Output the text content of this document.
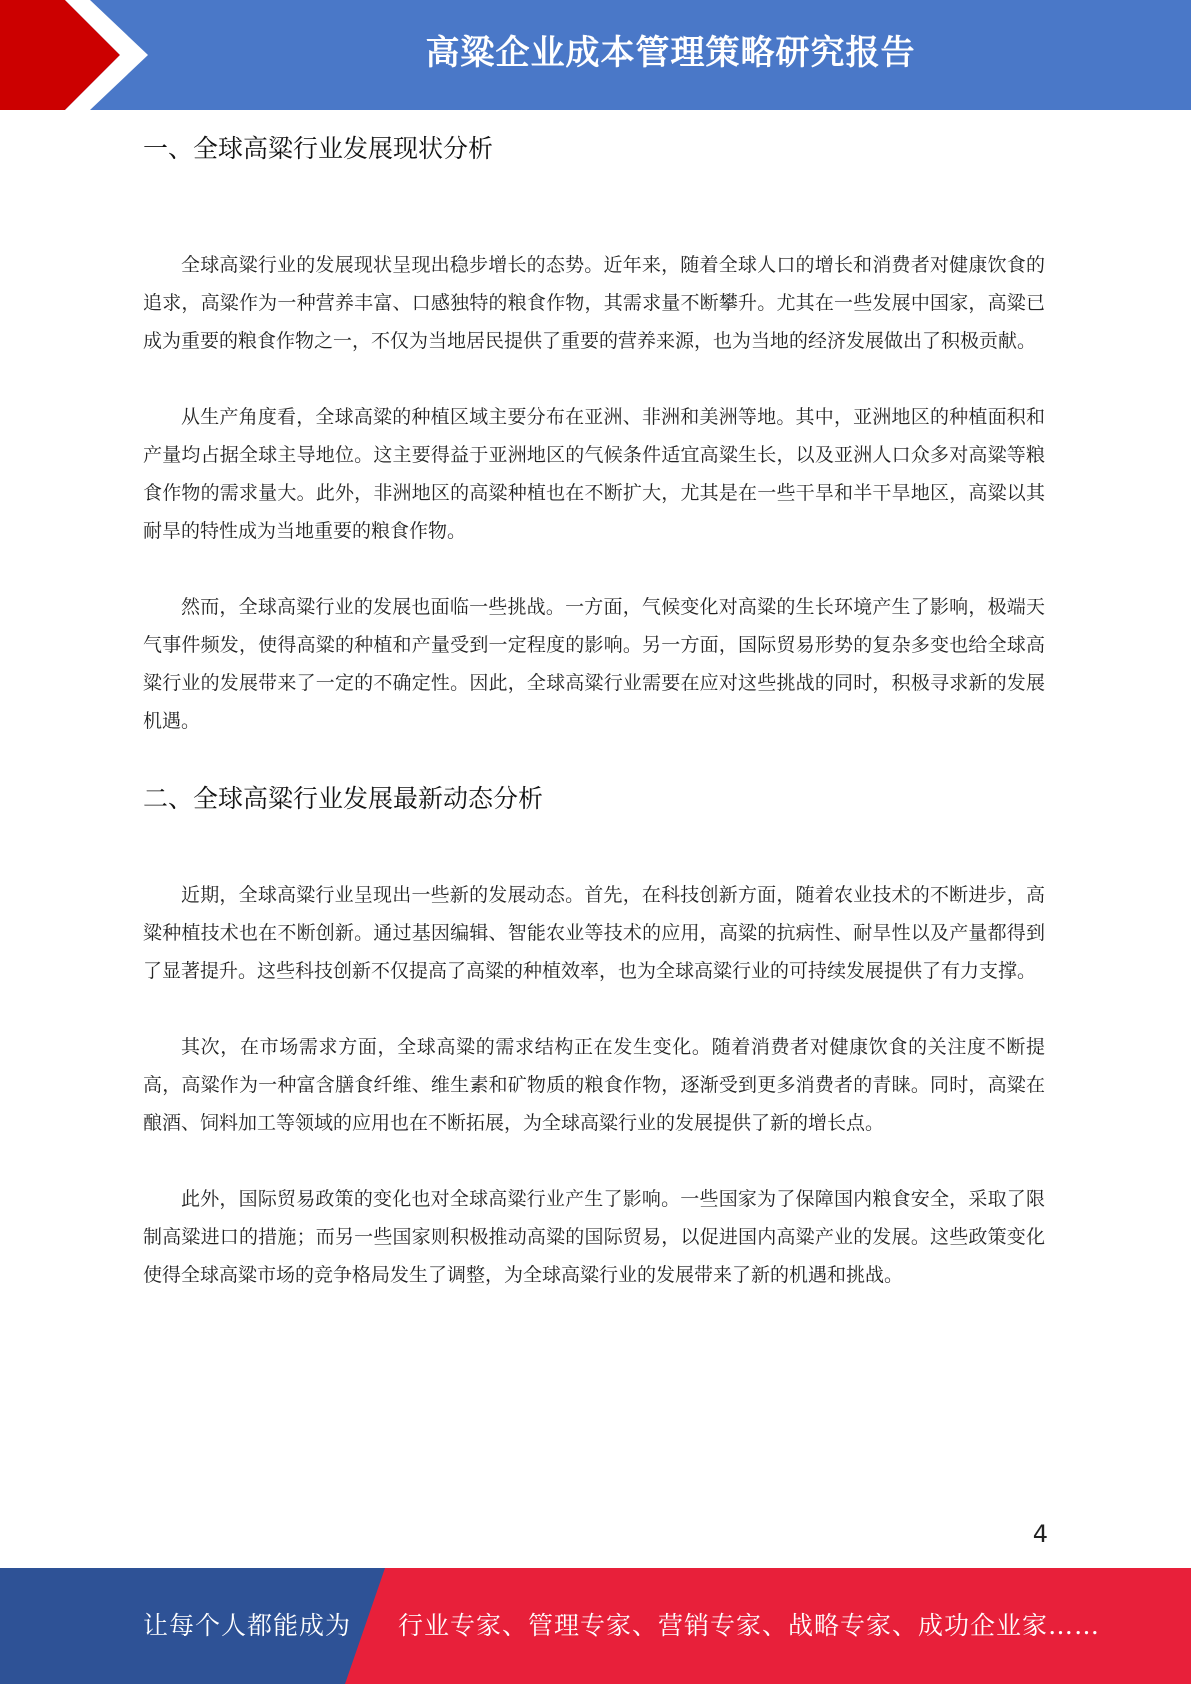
高粱企业成本管理策略研究报告
一、全球高粱行业发展现状分析

全球高粱行业的发展现状呈现出稳步增长的态势。近年来，随着全球人口的增长和消费者对健康饮食的追求，高粱作为一种营养丰富、口感独特的粮食作物，其需求量不断攀升。尤其在一些发展中国家，高粱已成为重要的粮食作物之一，不仅为当地居民提供了重要的营养来源，也为当地的经济发展做出了积极贡献。

从生产角度看，全球高粱的种植区域主要分布在亚洲、非洲和美洲等地。其中，亚洲地区的种植面积和产量均占据全球主导地位。这主要得益于亚洲地区的气候条件适宜高粱生长，以及亚洲人口众多对高粱等粮食作物的需求量大。此外，非洲地区的高粱种植也在不断扩大，尤其是在一些干旱和半干旱地区，高粱以其耐旱的特性成为当地重要的粮食作物。

然而，全球高粱行业的发展也面临一些挑战。一方面，气候变化对高粱的生长环境产生了影响，极端天气事件频发，使得高粱的种植和产量受到一定程度的影响。另一方面，国际贸易形势的复杂多变也给全球高粱行业的发展带来了一定的不确定性。因此，全球高粱行业需要在应对这些挑战的同时，积极寻求新的发展机遇。

二、全球高粱行业发展最新动态分析

近期，全球高粱行业呈现出一些新的发展动态。首先，在科技创新方面，随着农业技术的不断进步，高粱种植技术也在不断创新。通过基因编辑、智能农业等技术的应用，高粱的抗病性、耐旱性以及产量都得到了显著提升。这些科技创新不仅提高了高粱的种植效率，也为全球高粱行业的可持续发展提供了有力支撑。

其次，在市场需求方面，全球高粱的需求结构正在发生变化。随着消费者对健康饮食的关注度不断提高，高粱作为一种富含膳食纤维、维生素和矿物质的粮食作物，逐渐受到更多消费者的青睐。同时，高粱在酿酒、饲料加工等领域的应用也在不断拓展，为全球高粱行业的发展提供了新的增长点。

此外，国际贸易政策的变化也对全球高粱行业产生了影响。一些国家为了保障国内粮食安全，采取了限制高粱进口的措施；而另一些国家则积极推动高粱的国际贸易，以促进国内高粱产业的发展。这些政策变化使得全球高粱市场的竞争格局发生了调整，为全球高粱行业的发展带来了新的机遇和挑战。

4
让每个人都能成为 行业专家、管理专家、营销专家、战略专家、成功企业家……
